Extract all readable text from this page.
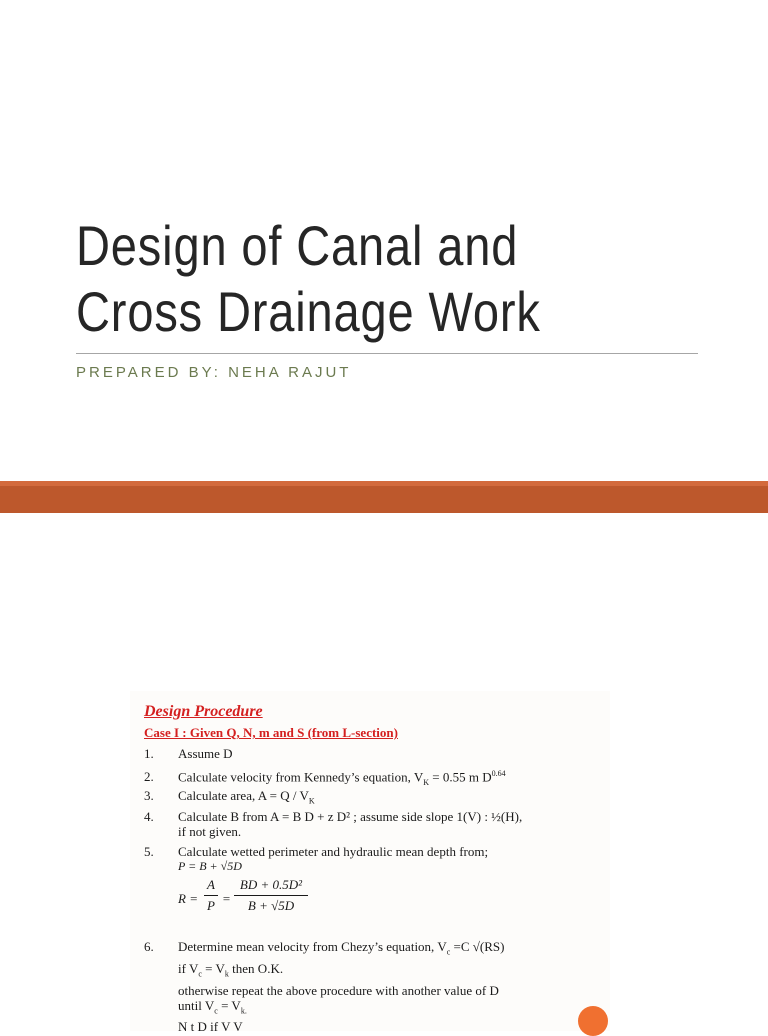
Design of Canal and
Cross Drainage Work
PREPARED BY: NEHA RAJUT
Design Procedure
Case I : Given Q, N, m and S (from L-section)
1. Assume D
2. Calculate velocity from Kennedy’s equation, $V_K = 0.55$ m $D^{0.64}$
3. Calculate area, $A = Q / V_K$
4. Calculate B from A = B D + z D² ; assume side slope 1(V) : ½(H),
if not given.
5. Calculate wetted perimeter and hydraulic mean depth from;
P = B + √5D
R =
A
P =
BD + 0.5D²
B + √5D
6. Determine mean velocity from Chezy’s equation, $V_c =C$ √(RS)
if $V_c = V_k$ then O.K.
otherwise repeat the above procedure with another value of D
until $V_c = V_{k.}$
N t D if V V
